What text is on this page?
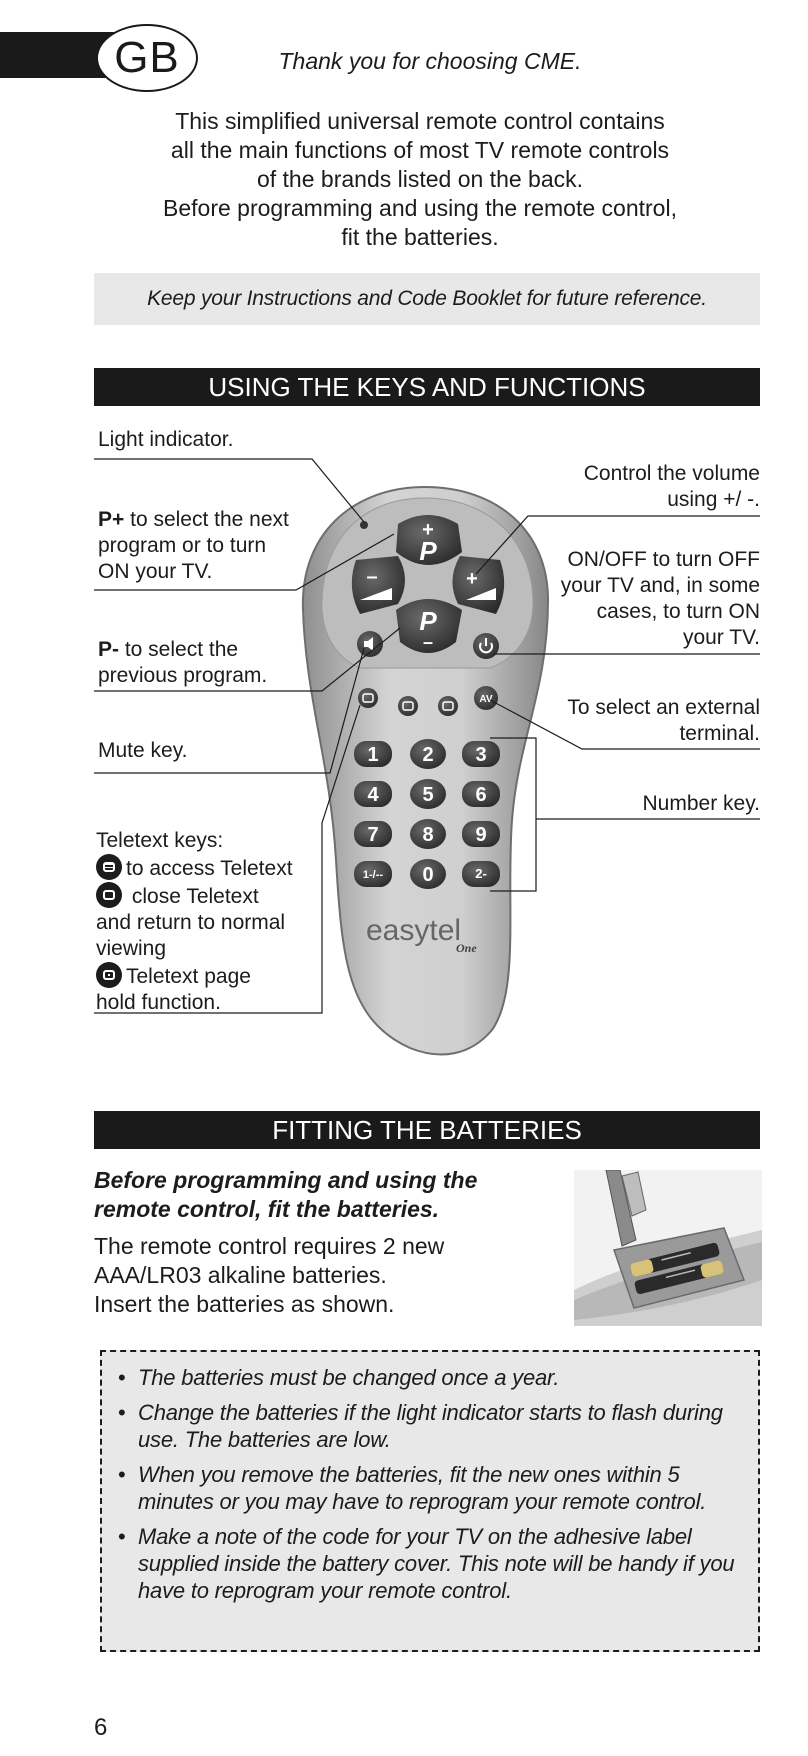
GB	Thank you for choosing CME.
This simplified universal remote control contains
all the main functions of most TV remote controls
of the brands listed on the back.
Before programming and using the remote control,
fit the batteries.
Keep your Instructions and Code Booklet for future reference.
USING THE KEYS AND FUNCTIONS
+
P
P
–
–	+
AV
1 2 3
4 5 6
7 8 9
1-/-- 0	2-
easytel
One
Light indicator.
P+ to select the next
program or to turn
ON your TV.
P- to select the
previous program.
Mute key.
Teletext keys:
to access Teletext
close Teletext
and return to normal
viewing
Teletext page
hold function.
Control the volume
using +/ -.
ON/OFF to turn OFF
your TV and, in some
cases, to turn ON
your TV.
To select an external
terminal.
Number key.
FITTING THE BATTERIES
Before programming and using the
remote control, fit the batteries.
The remote control requires 2 new
AAA/LR03 alkaline batteries.
Insert the batteries as shown.
• The batteries must be changed once a year.
• Change the batteries if the light indicator starts to flash during use. The batteries are low.
• When you remove the batteries, fit the new ones within 5 minutes or you may have to reprogram your remote control.
• Make a note of the code for your TV on the adhesive label supplied inside the battery cover. This note will be handy if you have to reprogram your remote control.
6
